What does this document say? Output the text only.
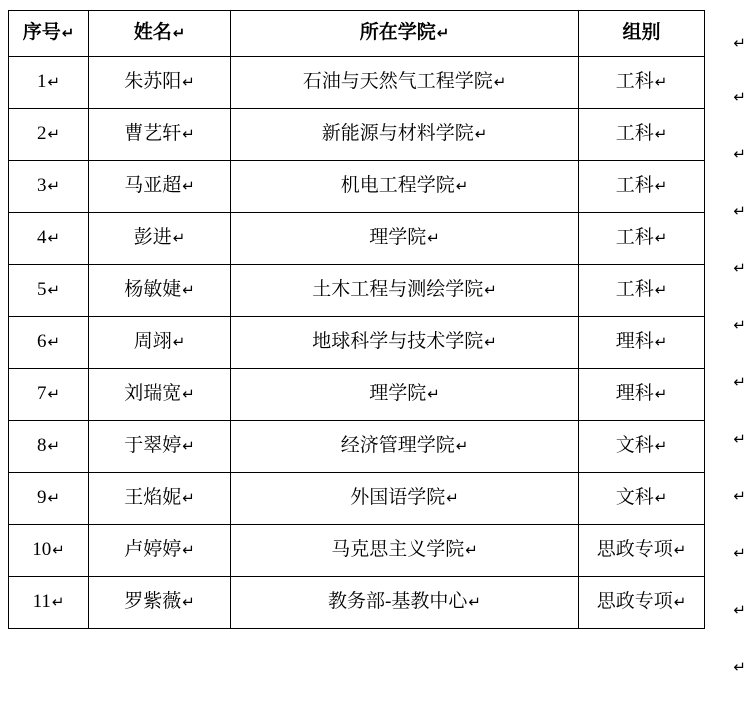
序号↵	姓名↵	所在学院↵	组别
1↵	朱苏阳↵	石油与天然气工程学院↵	工科↵
2↵	曹艺轩↵	新能源与材料学院↵	工科↵
3↵	马亚超↵	机电工程学院↵	工科↵
4↵	彭进↵	理学院↵	工科↵
5↵	杨敏婕↵	土木工程与测绘学院↵	工科↵
6↵	周翊↵	地球科学与技术学院↵	理科↵
7↵	刘瑞宽↵	理学院↵	理科↵
8↵	于翠婷↵	经济管理学院↵	文科↵
9↵	王焰妮↵	外国语学院↵	文科↵
10↵	卢婷婷↵	马克思主义学院↵	思政专项↵
11↵	罗紫薇↵	教务部-基教中心↵	思政专项↵
↵
↵
↵
↵
↵
↵
↵
↵
↵
↵
↵
↵
